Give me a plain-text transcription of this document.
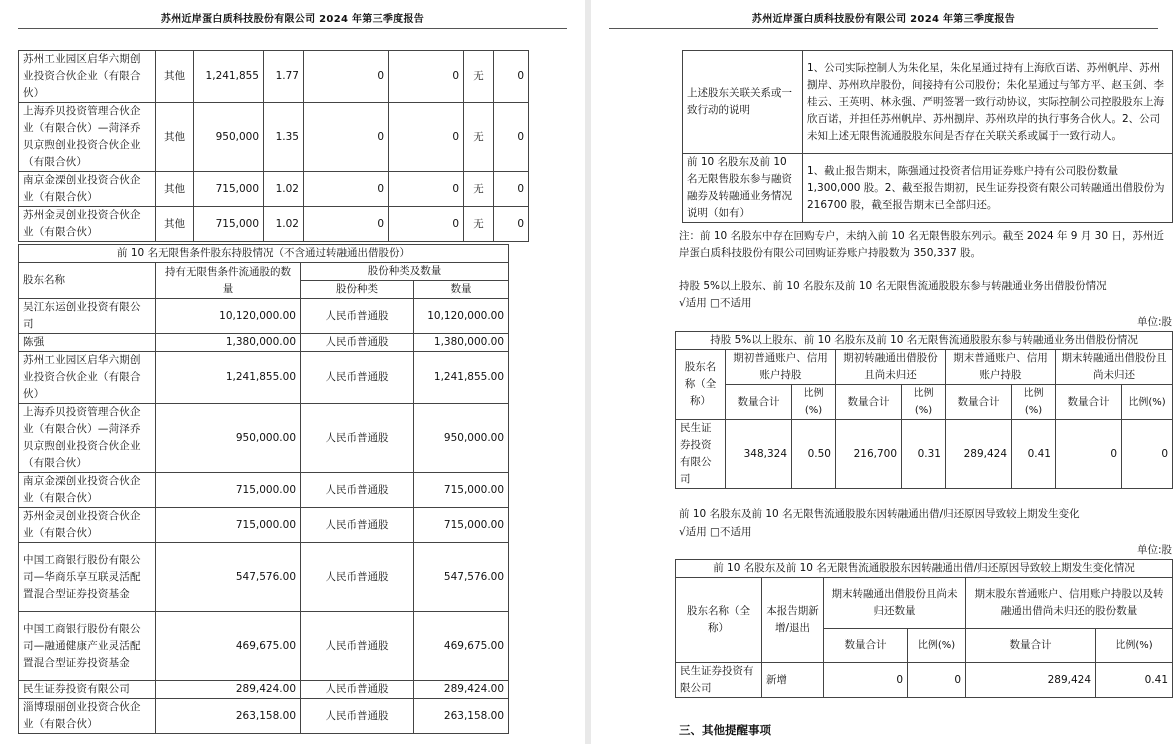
苏州近岸蛋白质科技股份有限公司 2024 年第三季度报告
苏州工业园区启华六期创业投资合伙企业（有限合伙）	其他	1,241,855	1.77	0	0	无	0
上海乔贝投资管理合伙企业（有限合伙）—菏泽乔贝京煦创业投资合伙企业（有限合伙）	其他	950,000	1.35	0	0	无	0
南京金溧创业投资合伙企业（有限合伙）	其他	715,000	1.02	0	0	无	0
苏州金灵创业投资合伙企业（有限合伙）	其他	715,000	1.02	0	0	无	0
前 10 名无限售条件股东持股情况（不含通过转融通出借股份）			
股东名称	持有无限售条件流通股的数量	股份种类及数量	
		股份种类	数量
吴江东运创业投资有限公司	10,120,000.00	人民币普通股	10,120,000.00
陈强	1,380,000.00	人民币普通股	1,380,000.00
苏州工业园区启华六期创业投资合伙企业（有限合伙）	1,241,855.00	人民币普通股	1,241,855.00
上海乔贝投资管理合伙企业（有限合伙）—菏泽乔贝京煦创业投资合伙企业（有限合伙）	950,000.00	人民币普通股	950,000.00
南京金溧创业投资合伙企业（有限合伙）	715,000.00	人民币普通股	715,000.00
苏州金灵创业投资合伙企业（有限合伙）	715,000.00	人民币普通股	715,000.00
中国工商银行股份有限公司—华商乐享互联灵活配置混合型证券投资基金	547,576.00	人民币普通股	547,576.00
中国工商银行股份有限公司—融通健康产业灵活配置混合型证券投资基金	469,675.00	人民币普通股	469,675.00
民生证券投资有限公司	289,424.00	人民币普通股	289,424.00
淄博璟丽创业投资合伙企业（有限合伙）	263,158.00	人民币普通股	263,158.00
苏州近岸蛋白质科技股份有限公司 2024 年第三季度报告
上述股东关联关系或一致行动的说明	1、公司实际控制人为朱化星，朱化星通过持有上海欣百诺、苏州帆岸、苏州捌岸、苏州玖岸股份，间接持有公司股份；朱化星通过与邹方平、赵玉剑、李桂云、王英明、林永强、严明签署一致行动协议，实际控制公司控股股东上海欣百诺，并担任苏州帆岸、苏州捌岸、苏州玖岸的执行事务合伙人。2、公司未知上述无限售流通股股东间是否存在关联关系或属于一致行动人。
前 10 名股东及前 10 名无限售股东参与融资融券及转融通业务情况说明（如有）	1、截止报告期末，陈强通过投资者信用证券账户持有公司股份数量 1,300,000 股。2、截至报告期初，民生证券投资有限公司转融通出借股份为 216700 股，截至报告期末已全部归还。
注：前 10 名股东中存在回购专户，未纳入前 10 名无限售股东列示。截至 2024 年 9 月 30 日，苏州近岸蛋白质科技股份有限公司回购证券账户持股数为 350,337 股。
持股 5%以上股东、前 10 名股东及前 10 名无限售流通股股东参与转融通业务出借股份情况
√适用 □不适用
单位:股
持股 5%以上股东、前 10 名股东及前 10 名无限售流通股股东参与转融通业务出借股份情况								
股东名称（全称）	期初普通账户、信用账户持股		期初转融通出借股份且尚未归还		期末普通账户、信用账户持股		期末转融通出借股份且尚未归还	
	数量合计	比例(%)	数量合计	比例(%)	数量合计	比例(%)	数量合计	比例(%)
民生证券投资有限公司	348,324	0.50	216,700	0.31	289,424	0.41	0	0
前 10 名股东及前 10 名无限售流通股股东因转融通出借/归还原因导致较上期发生变化
√适用 □不适用
单位:股
前 10 名股东及前 10 名无限售流通股股东因转融通出借/归还原因导致较上期发生变化情况					
股东名称（全称）	本报告期新增/退出	期末转融通出借股份且尚未归还数量		期末股东普通账户、信用账户持股以及转融通出借尚未归还的股份数量	
		数量合计	比例(%)	数量合计	比例(%)
民生证券投资有限公司	新增	0	0	289,424	0.41
三、其他提醒事项
